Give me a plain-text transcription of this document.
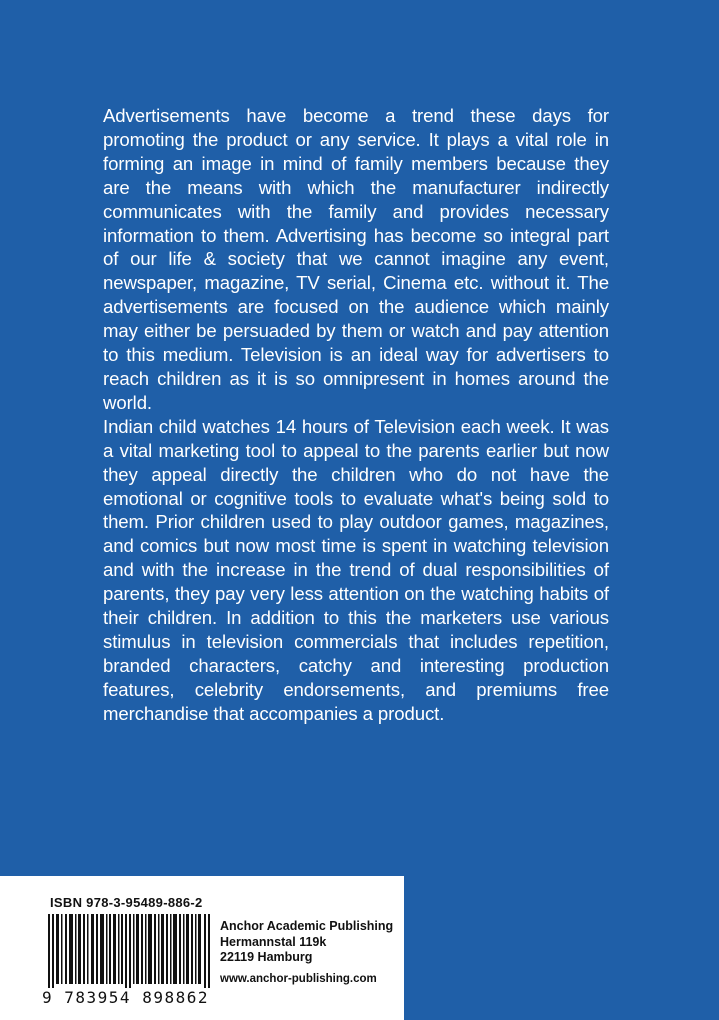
Advertisements have become a trend these days for promoting the product or any service. It plays a vital role in forming an image in mind of family members because they are the means with which the manufacturer indirectly communicates with the family and provides necessary information to them. Advertising has become so integral part of our life & society that we cannot imagine any event, newspaper, magazine, TV serial, Cinema etc. without it. The advertisements are focused on the audience which mainly may either be persuaded by them or watch and pay attention to this medium. Television is an ideal way for advertisers to reach children as it is so omnipresent in homes around the world.

Indian child watches 14 hours of Television each week. It was a vital marketing tool to appeal to the parents earlier but now they appeal directly the children who do not have the emotional or cognitive tools to evaluate what's being sold to them. Prior children used to play outdoor games, magazines, and comics but now most time is spent in watching television and with the increase in the trend of dual responsibilities of parents, they pay very less attention on the watching habits of their children. In addition to this the marketers use various stimulus in television commercials that includes repetition, branded characters, catchy and interesting production features, celebrity endorsements, and premiums free merchandise that accompanies a product.

ISBN 978-3-95489-886-2
9 783954 898862
Anchor Academic Publishing
Hermannstal 119k
22119 Hamburg
www.anchor-publishing.com
